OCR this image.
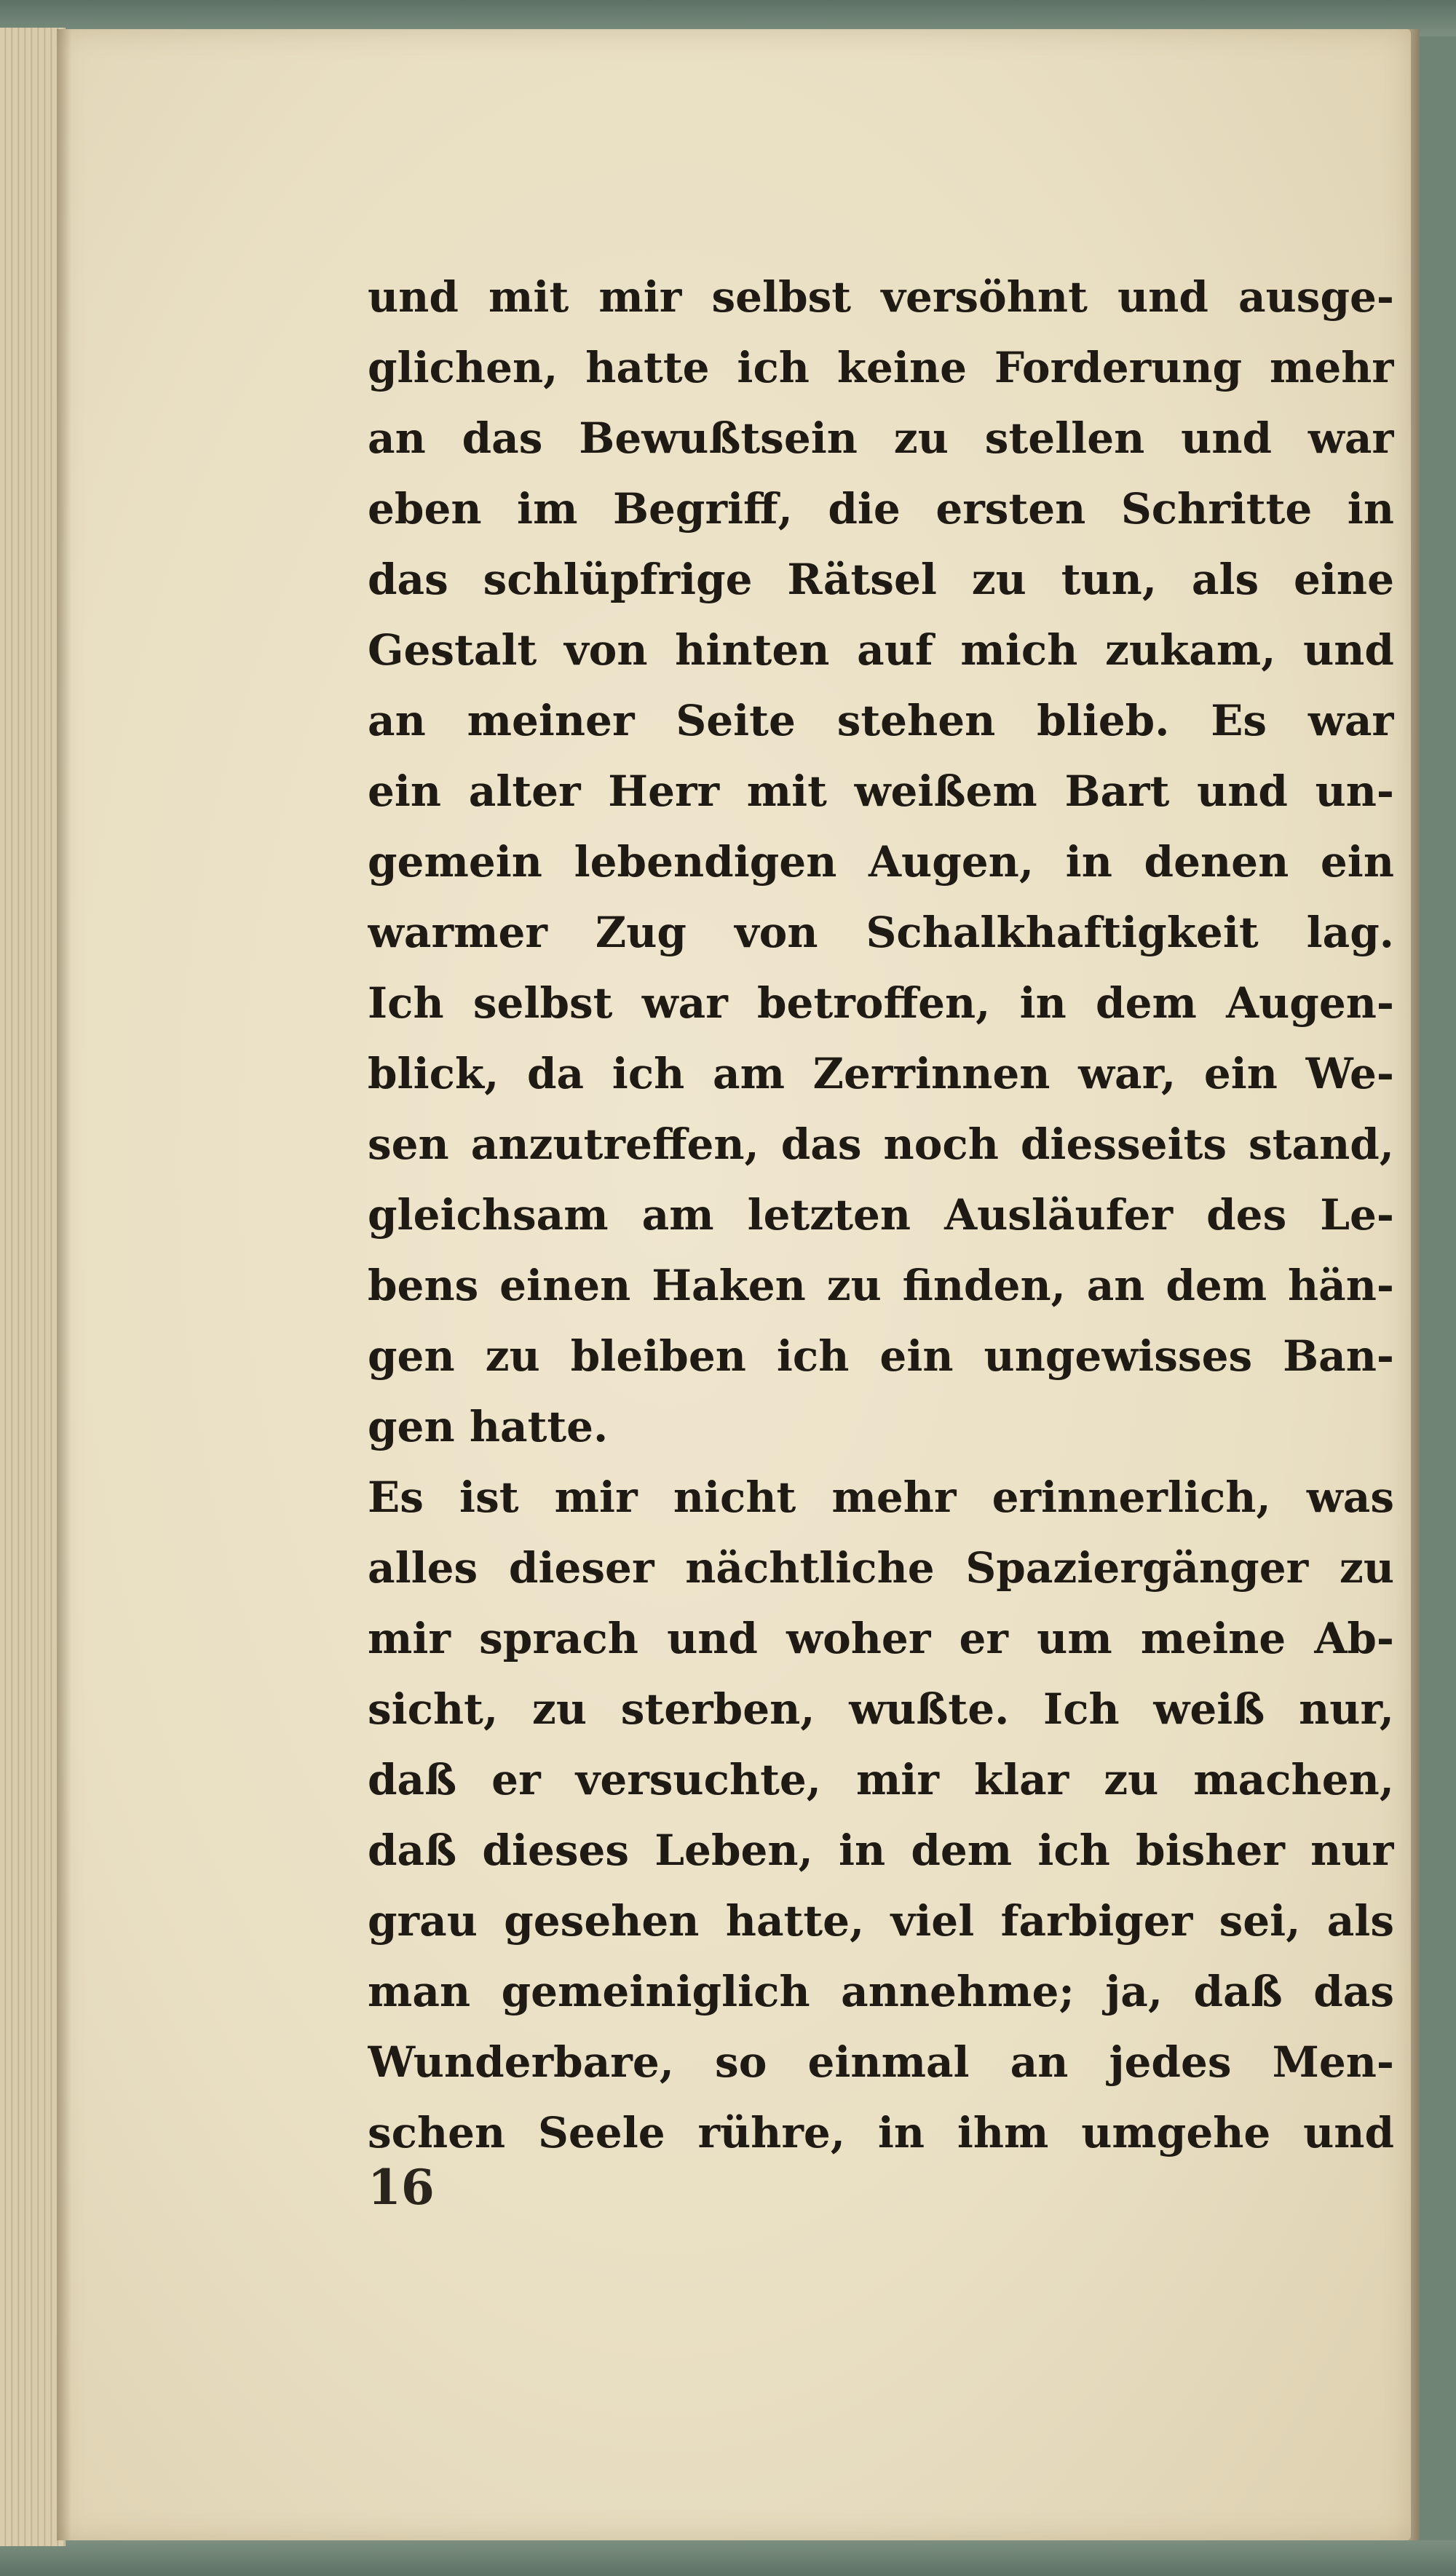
und mit mir selbst versöhnt und ausge-
glichen, hatte ich keine Forderung mehr
an das Bewußtsein zu stellen und war
eben im Begriff, die ersten Schritte in
das schlüpfrige Rätsel zu tun, als eine
Gestalt von hinten auf mich zukam, und
an meiner Seite stehen blieb. Es war
ein alter Herr mit weißem Bart und un-
gemein lebendigen Augen, in denen ein
warmer Zug von Schalkhaftigkeit lag.
Ich selbst war betroffen, in dem Augen-
blick, da ich am Zerrinnen war, ein We-
sen anzutreffen, das noch diesseits stand,
gleichsam am letzten Ausläufer des Le-
bens einen Haken zu finden, an dem hän-
gen zu bleiben ich ein ungewisses Ban-
gen hatte.
Es ist mir nicht mehr erinnerlich, was
alles dieser nächtliche Spaziergänger zu
mir sprach und woher er um meine Ab-
sicht, zu sterben, wußte. Ich weiß nur,
daß er versuchte, mir klar zu machen,
daß dieses Leben, in dem ich bisher nur
grau gesehen hatte, viel farbiger sei, als
man gemeiniglich annehme; ja, daß das
Wunderbare, so einmal an jedes Men-
schen Seele rühre, in ihm umgehe und
16
